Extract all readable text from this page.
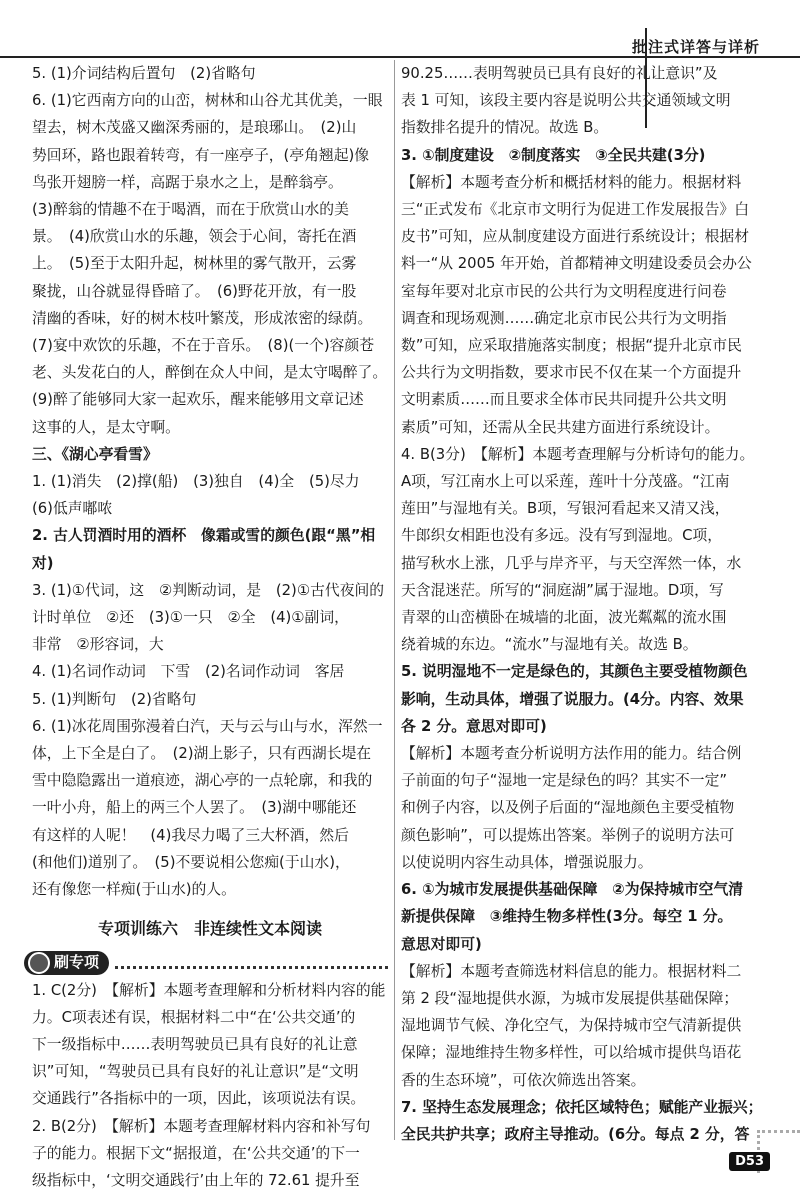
批注式详答与详析

5. (1)介词结构后置句　(2)省略句

6. (1)它西南方向的山峦，树林和山谷尤其优美，一眼

望去，树木茂盛又幽深秀丽的，是琅琊山。　(2)山

势回环，路也跟着转弯，有一座亭子，(亭角翘起)像

鸟张开翅膀一样，高踞于泉水之上，是醉翁亭。

(3)醉翁的情趣不在于喝酒，而在于欣赏山水的美

景。　(4)欣赏山水的乐趣，领会于心间，寄托在酒

上。　(5)至于太阳升起，树林里的雾气散开，云雾

聚拢，山谷就显得昏暗了。　(6)野花开放，有一股

清幽的香味，好的树木枝叶繁茂，形成浓密的绿荫。

(7)宴中欢饮的乐趣，不在于音乐。　(8)(一个)容颜苍

老、头发花白的人，醉倒在众人中间，是太守喝醉了。

(9)醉了能够同大家一起欢乐，醒来能够用文章记述

这事的人，是太守啊。

三、《湖心亭看雪》

1. (1)消失　(2)撑(船)　(3)独自　(4)全　(5)尽力

(6)低声嘟哝

2. 古人罚酒时用的酒杯　像霜或雪的颜色(跟“黑”相对)

3. (1)①代词，这　②判断动词，是　(2)①古代夜间的

计时单位　②还　(3)①一只　②全　(4)①副词，

非常　②形容词，大

4. (1)名词作动词　下雪　(2)名词作动词　客居

5. (1)判断句　(2)省略句

6. (1)冰花周围弥漫着白汽，天与云与山与水，浑然一

体，上下全是白了。　(2)湖上影子，只有西湖长堤在

雪中隐隐露出一道痕迹，湖心亭的一点轮廓，和我的

一叶小舟，船上的两三个人罢了。　(3)湖中哪能还

有这样的人呢！　(4)我尽力喝了三大杯酒，然后

(和他们)道别了。　(5)不要说相公您痴(于山水)，

还有像您一样痴(于山水)的人。

专项训练六　非连续性文本阅读
刷专项

1. C(2分)　【解析】本题考查理解和分析材料内容的能

力。C项表述有误，根据材料二中“在‘公共交通’的

下一级指标中……表明驾驶员已具有良好的礼让意

识”可知，“驾驶员已具有良好的礼让意识”是“文明

交通践行”各指标中的一项，因此，该项说法有误。

2. B(2分)　【解析】本题考查理解材料内容和补写句

子的能力。根据下文“据报道，在‘公共交通’的下一

级指标中，‘文明交通践行’由上年的 72.61 提升至

90.25……表明驾驶员已具有良好的礼让意识”及

表 1 可知，该段主要内容是说明公共交通领域文明

指数排名提升的情况。故选 B。

3. ①制度建设　②制度落实　③全民共建(3分)

【解析】本题考查分析和概括材料的能力。根据材料

三“正式发布《北京市文明行为促进工作发展报告》白

皮书”可知，应从制度建设方面进行系统设计；根据材

料一“从 2005 年开始，首都精神文明建设委员会办公

室每年要对北京市民的公共行为文明程度进行问卷

调查和现场观测……确定北京市民公共行为文明指

数”可知，应采取措施落实制度；根据“提升北京市民

公共行为文明指数，要求市民不仅在某一个方面提升

文明素质……而且要求全体市民共同提升公共文明

素质”可知，还需从全民共建方面进行系统设计。

4. B(3分)　【解析】本题考查理解与分析诗句的能力。

A项，写江南水上可以采莲，莲叶十分茂盛。“江南

莲田”与湿地有关。B项，写银河看起来又清又浅，

牛郎织女相距也没有多远。没有写到湿地。C项，

描写秋水上涨，几乎与岸齐平，与天空浑然一体，水

天含混迷茫。所写的“洞庭湖”属于湿地。D项，写

青翠的山峦横卧在城墙的北面，波光粼粼的流水围

绕着城的东边。“流水”与湿地有关。故选 B。

5. 说明湿地不一定是绿色的，其颜色主要受植物颜色

影响，生动具体，增强了说服力。(4分。内容、效果

各 2 分。意思对即可)

【解析】本题考查分析说明方法作用的能力。结合例

子前面的句子“湿地一定是绿色的吗？其实不一定”

和例子内容，以及例子后面的“湿地颜色主要受植物

颜色影响”，可以提炼出答案。举例子的说明方法可

以使说明内容生动具体，增强说服力。

6. ①为城市发展提供基础保障　②为保持城市空气清

新提供保障　③维持生物多样性(3分。每空 1 分。

意思对即可)

【解析】本题考查筛选材料信息的能力。根据材料二

第 2 段“湿地提供水源，为城市发展提供基础保障；

湿地调节气候、净化空气，为保持城市空气清新提供

保障；湿地维持生物多样性，可以给城市提供鸟语花

香的生态环境”，可依次筛选出答案。

7. 坚持生态发展理念；依托区域特色；赋能产业振兴；

全民共护共享；政府主导推动。(6分。每点 2 分，答

D53
